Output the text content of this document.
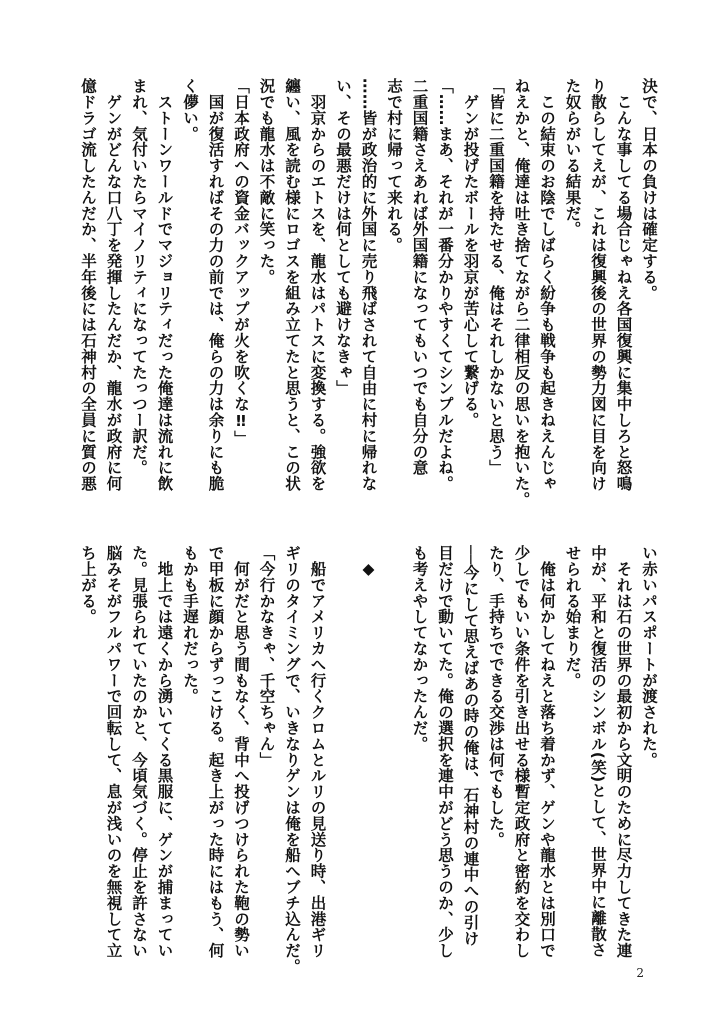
決で、日本の負けは確定する。
　こんな事してる場合じゃねえ各国復興に集中しろと怒鳴
り散らしてえが、これは復興後の世界の勢力図に目を向け
た奴らがいる結果だ。
　この結束のお陰でしばらく紛争も戦争も起きねえんじゃ
ねえかと、俺達は吐き捨てながら二律相反の思いを抱いた。
「皆に二重国籍を持たせる、俺はそれしかないと思う」
　ゲンが投げたボールを羽京が苦心して繋げる。
「……まあ、それが一番分かりやすくてシンプルだよね。
二重国籍さえあれば外国籍になってもいつでも自分の意
志で村に帰って来れる。
……皆が政治的に外国に売り飛ばされて自由に村に帰れな
い、その最悪だけは何としても避けなきゃ」
　羽京からのエトスを、龍水はパトスに変換する。強欲を
纏い、風を読む様にロゴスを組み立てたと思うと、この状
況でも龍水は不敵に笑った。
「日本政府への資金バックアップが火を吹くな‼」
　国が復活すればその力の前では、俺らの力は余りにも脆
く儚い。
　ストーンワールドでマジョリティだった俺達は流れに飲
まれ、気付いたらマイノリティになってたっつー訳だ。
　ゲンがどんな口八丁を発揮したんだか、龍水が政府に何
億ドラゴ流したんだか、半年後には石神村の全員に質の悪
い赤いパスポートが渡された。
　それは石の世界の最初から文明のために尽力してきた連
中が、平和と復活のシンボル(笑)として、世界中に離散さ
せられる始まりだ。
　俺は何かしてねえと落ち着かず、ゲンや龍水とは別口で
少しでもいい条件を引き出せる様暫定政府と密約を交わし
たり、手持ちでできる交渉は何でもした。
──今にして思えばあの時の俺は、石神村の連中への引け
目だけで動いてた。俺の選択を連中がどう思うのか、少し
も考えやしてなかったんだ。

◆

　船でアメリカへ行くクロムとルリの見送り時、出港ギリ
ギリのタイミングで、いきなりゲンは俺を船へブチ込んだ。
「今行かなきゃ、千空ちゃん」
　何がだと思う間もなく、背中へ投げつけられた鞄の勢い
で甲板に顔からずっこける。起き上がった時にはもう、何
もかも手遅れだった。
　地上では遠くから湧いてくる黒服に、ゲンが捕まってい
た。見張られていたのかと、今頃気づく。停止を許さない
脳みそがフルパワーで回転して、息が浅いのを無視して立
ち上がる。
2
